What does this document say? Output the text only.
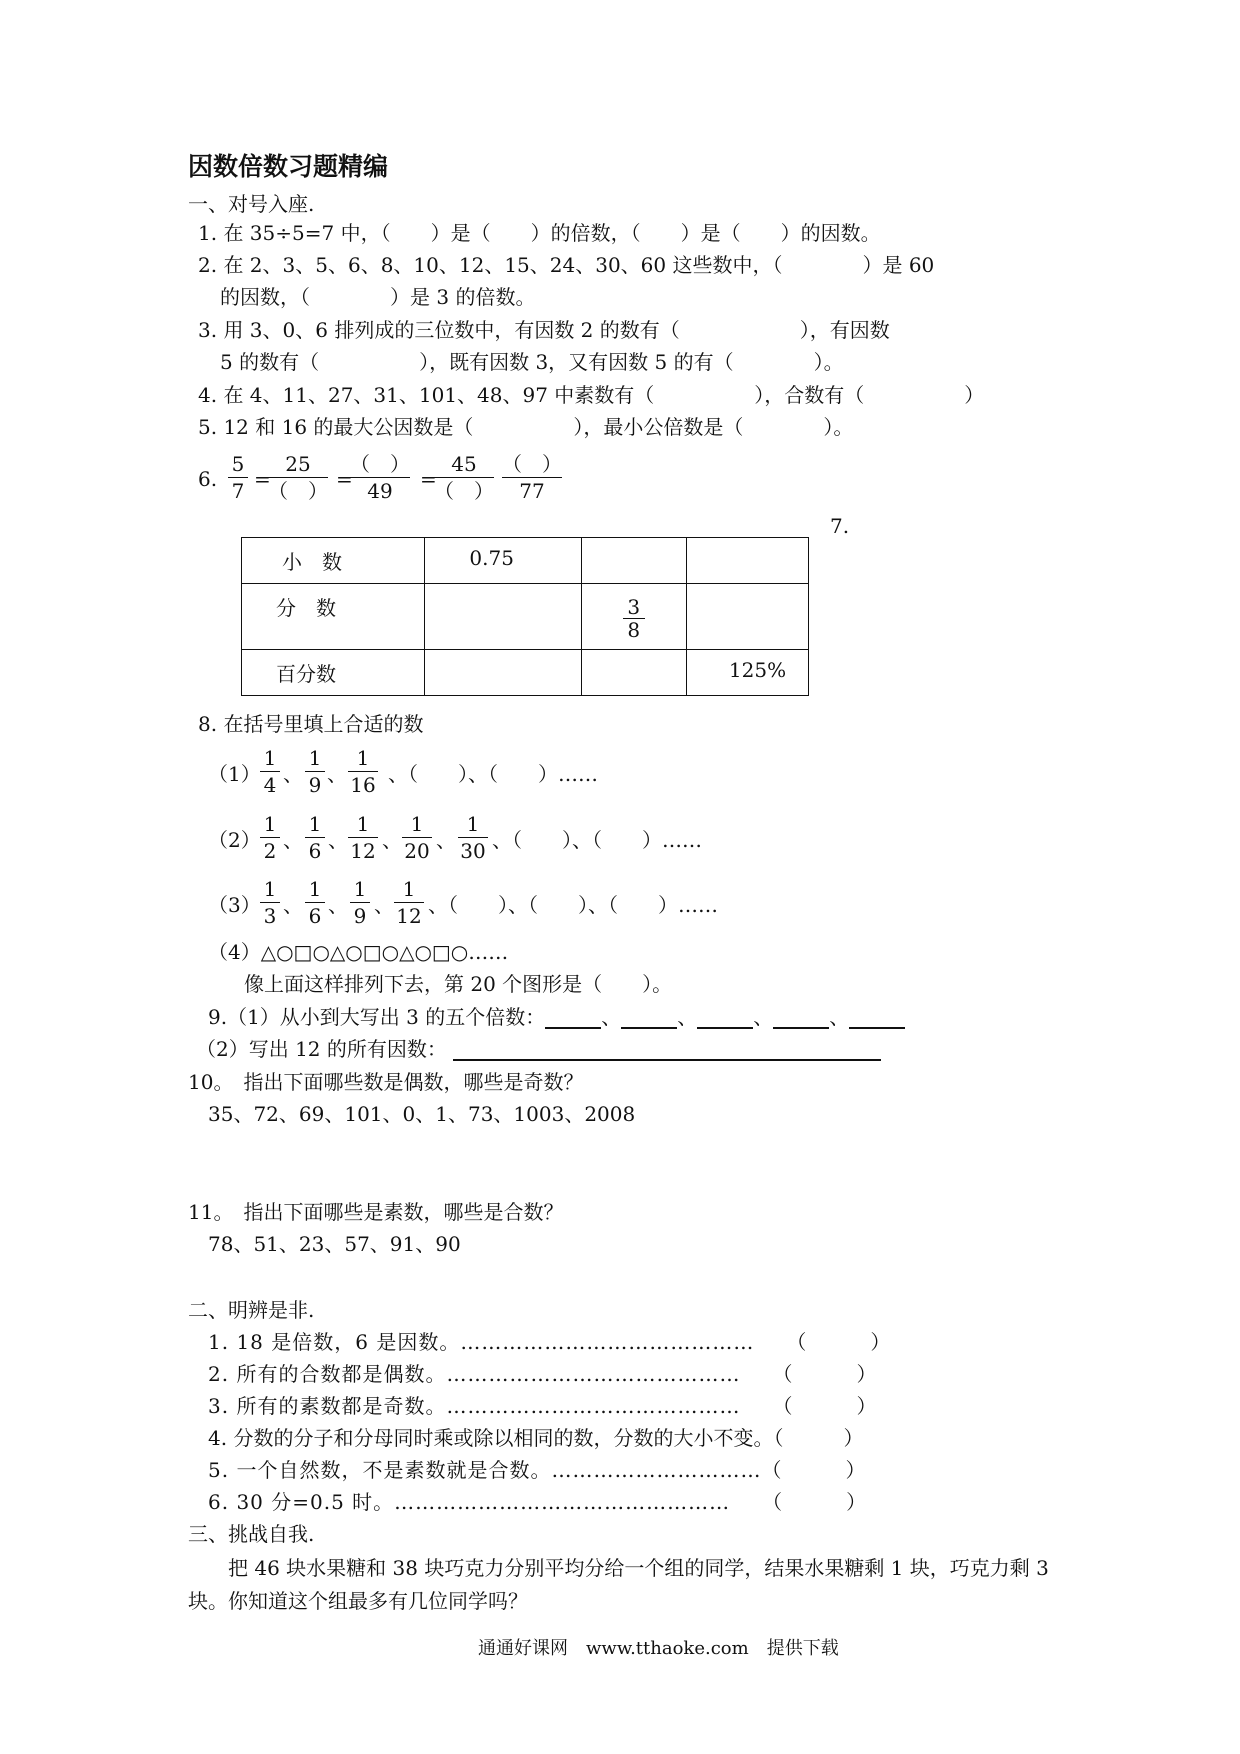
因数倍数习题精编
一、对号入座.
1. 在 35÷5=7 中，（　　）是（　　）的倍数，（　　）是（　　）的因数。
2. 在 2、3、5、6、8、10、12、15、24、30、60 这些数中，（　　　　）是 60
的因数，（　　　　）是 3 的倍数。
3. 用 3、0、6 排列成的三位数中，有因数 2 的数有（　　　　　　），有因数
5 的数有（　　　　　），既有因数 3，又有因数 5 的有（　　　　）。
4. 在 4、11、27、31、101、48、97 中素数有（　　　　　），合数有（　　　　　）
5. 12 和 16 的最大公因数是（　　　　　），最小公倍数是（　　　　）。
6.
5
7 =
25
（　） =
（　）
49	=
45
（　）
（　）
77
7.
小　数	0.75		
分　数		$\frac{3}{8}$

百分数			125%
8. 在括号里填上合适的数
（1）
1
4 、
1
9 、
1
16 、（　　）、（　　）……
（2）
1
2 、
1
6 、
1
12 、
1
20 、
1
30 、（　　）、（　　）……
（3）
1
3 、
1
6 、
1
9 、
1
12 、（　　）、（　　）、（　　）……
（4）△○□○△○□○△○□○……
像上面这样排列下去，第 20 个图形是（　　）。
9.（1）从小到大写出 3 的五个倍数：	、	、	、	、
（2）写出 12 的所有因数：
10。　指出下面哪些数是偶数，哪些是奇数？
35、72、69、101、0、1、73、1003、2008
11。　指出下面哪些是素数，哪些是合数？
78、51、23、57、91、90
二、明辨是非.
1. 18 是倍数，6 是因数。……………………………………　　（　　　）
2. 所有的合数都是偶数。……………………………………　　（　　　）
3. 所有的素数都是奇数。……………………………………　　（　　　）
4. 分数的分子和分母同时乘或除以相同的数，分数的大小不变。（　　　）
5. 一个自然数，不是素数就是合数。…………………………（　　　）
6. 30 分=0.5 时。…………………………………………　　（　　　）
三、挑战自我.
把 46 块水果糖和 38 块巧克力分别平均分给一个组的同学，结果水果糖剩 1 块，巧克力剩 3
块。你知道这个组最多有几位同学吗？
通通好课网　www.tthaoke.com　提供下载
